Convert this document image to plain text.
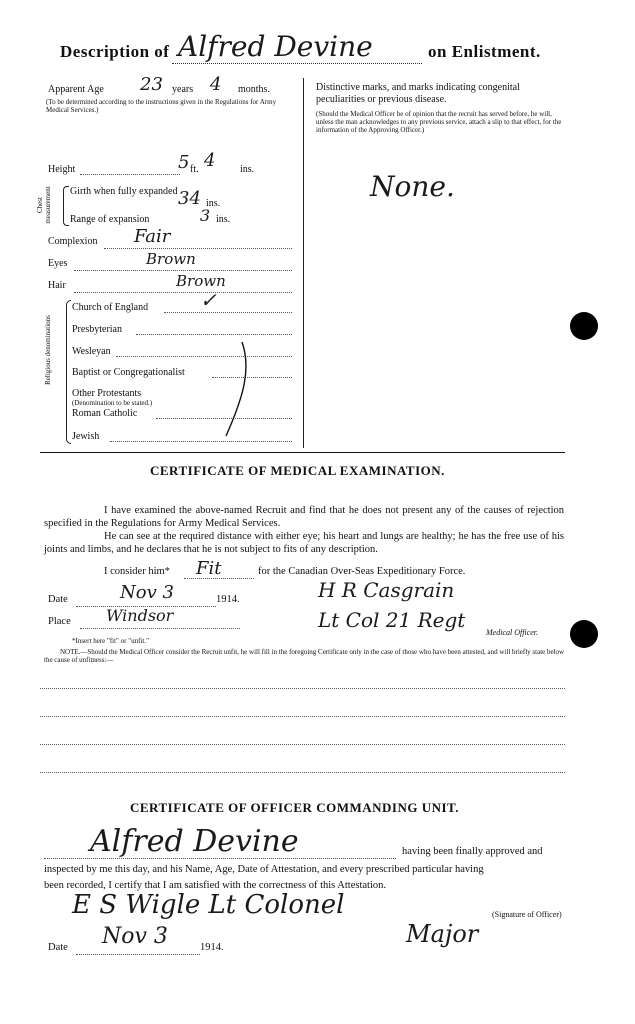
Description of Alfred Devine	on Enlistment.
Apparent Age 23 years 4 months.
(To be determined according to the instructions given in the Regulations for Army Medical Services.)
Height	5 ft. 4 ins.
Chest measurement Girth when fully expanded 34 ins.
Range of expansion	3 ins.
Complexion Fair
Eyes	Brown
Hair	Brown
Religious denominations
Church of England	✓
Presbyterian
Wesleyan
Baptist or Congregationalist
Other Protestants
(Denomination to be stated.)
Roman Catholic
Jewish
Distinctive marks, and marks indicating congenital peculiarities or previous disease.
(Should the Medical Officer be of opinion that the recruit has served before, he will, unless the man acknowledges to any previous service, attach a slip to that effect, for the information of the Approving Officer.)
None.
CERTIFICATE OF MEDICAL EXAMINATION.
I have examined the above-named Recruit and find that he does not present any of the causes of rejection specified in the Regulations for Army Medical Services.
He can see at the required distance with either eye; his heart and lungs are healthy; he has the free use of his joints and limbs, and he declares that he is not subject to fits of any description.
I consider him* Fit	for the Canadian Over-Seas Expeditionary Force.
Date	Nov 3	1914.	H R Casgrain
Lt Col 21 Regt
Place Windsor
Medical Officer.
*Insert here "fit" or "unfit."
NOTE.—Should the Medical Officer consider the Recruit unfit, he will fill in the foregoing Certificate only in the case of those who have been attested, and will briefly state below the cause of unfitness:—
CERTIFICATE OF OFFICER COMMANDING UNIT.
Alfred Devine	having been finally approved and
inspected by me this day, and his Name, Age, Date of Attestation, and every prescribed particular having
been recorded, I certify that I am satisfied with the correctness of this Attestation.
E S Wigle Lt Colonel	(Signature of Officer)
Major
Date Nov 3	1914.
